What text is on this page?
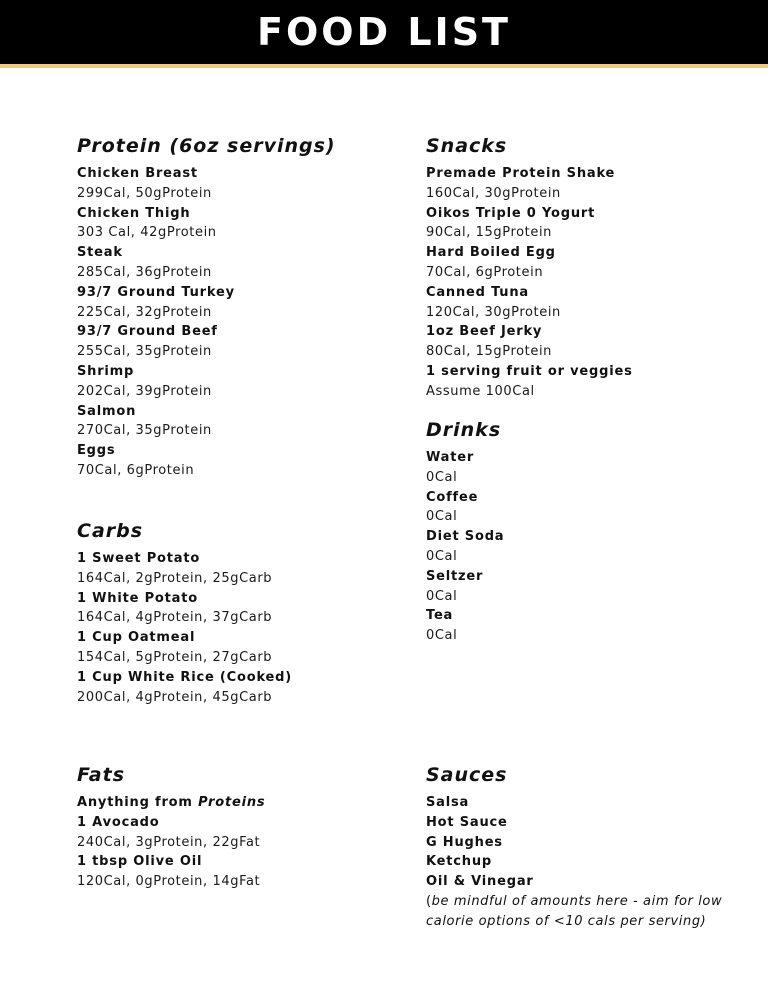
FOOD LIST
Protein (6oz servings)
Chicken Breast
299Cal, 50gProtein
Chicken Thigh
303 Cal, 42gProtein
Steak
285Cal, 36gProtein
93/7 Ground Turkey
225Cal, 32gProtein
93/7 Ground Beef
255Cal, 35gProtein
Shrimp
202Cal, 39gProtein
Salmon
270Cal, 35gProtein
Eggs
70Cal, 6gProtein
Snacks
Premade Protein Shake
160Cal, 30gProtein
Oikos Triple 0 Yogurt
90Cal, 15gProtein
Hard Boiled Egg
70Cal, 6gProtein
Canned Tuna
120Cal, 30gProtein
1oz Beef Jerky
80Cal, 15gProtein
1 serving fruit or veggies
Assume 100Cal
Drinks
Water
0Cal
Coffee
0Cal
Diet Soda
0Cal
Seltzer
0Cal
Tea
0Cal
Carbs
1 Sweet Potato
164Cal, 2gProtein, 25gCarb
1 White Potato
164Cal, 4gProtein, 37gCarb
1 Cup Oatmeal
154Cal, 5gProtein, 27gCarb
1 Cup White Rice (Cooked)
200Cal, 4gProtein, 45gCarb
Fats
Anything from Proteins
1 Avocado
240Cal, 3gProtein, 22gFat
1 tbsp Olive Oil
120Cal, 0gProtein, 14gFat
Sauces
Salsa
Hot Sauce
G Hughes
Ketchup
Oil & Vinegar
(be mindful of amounts here - aim for low calorie options of <10 cals per serving)
